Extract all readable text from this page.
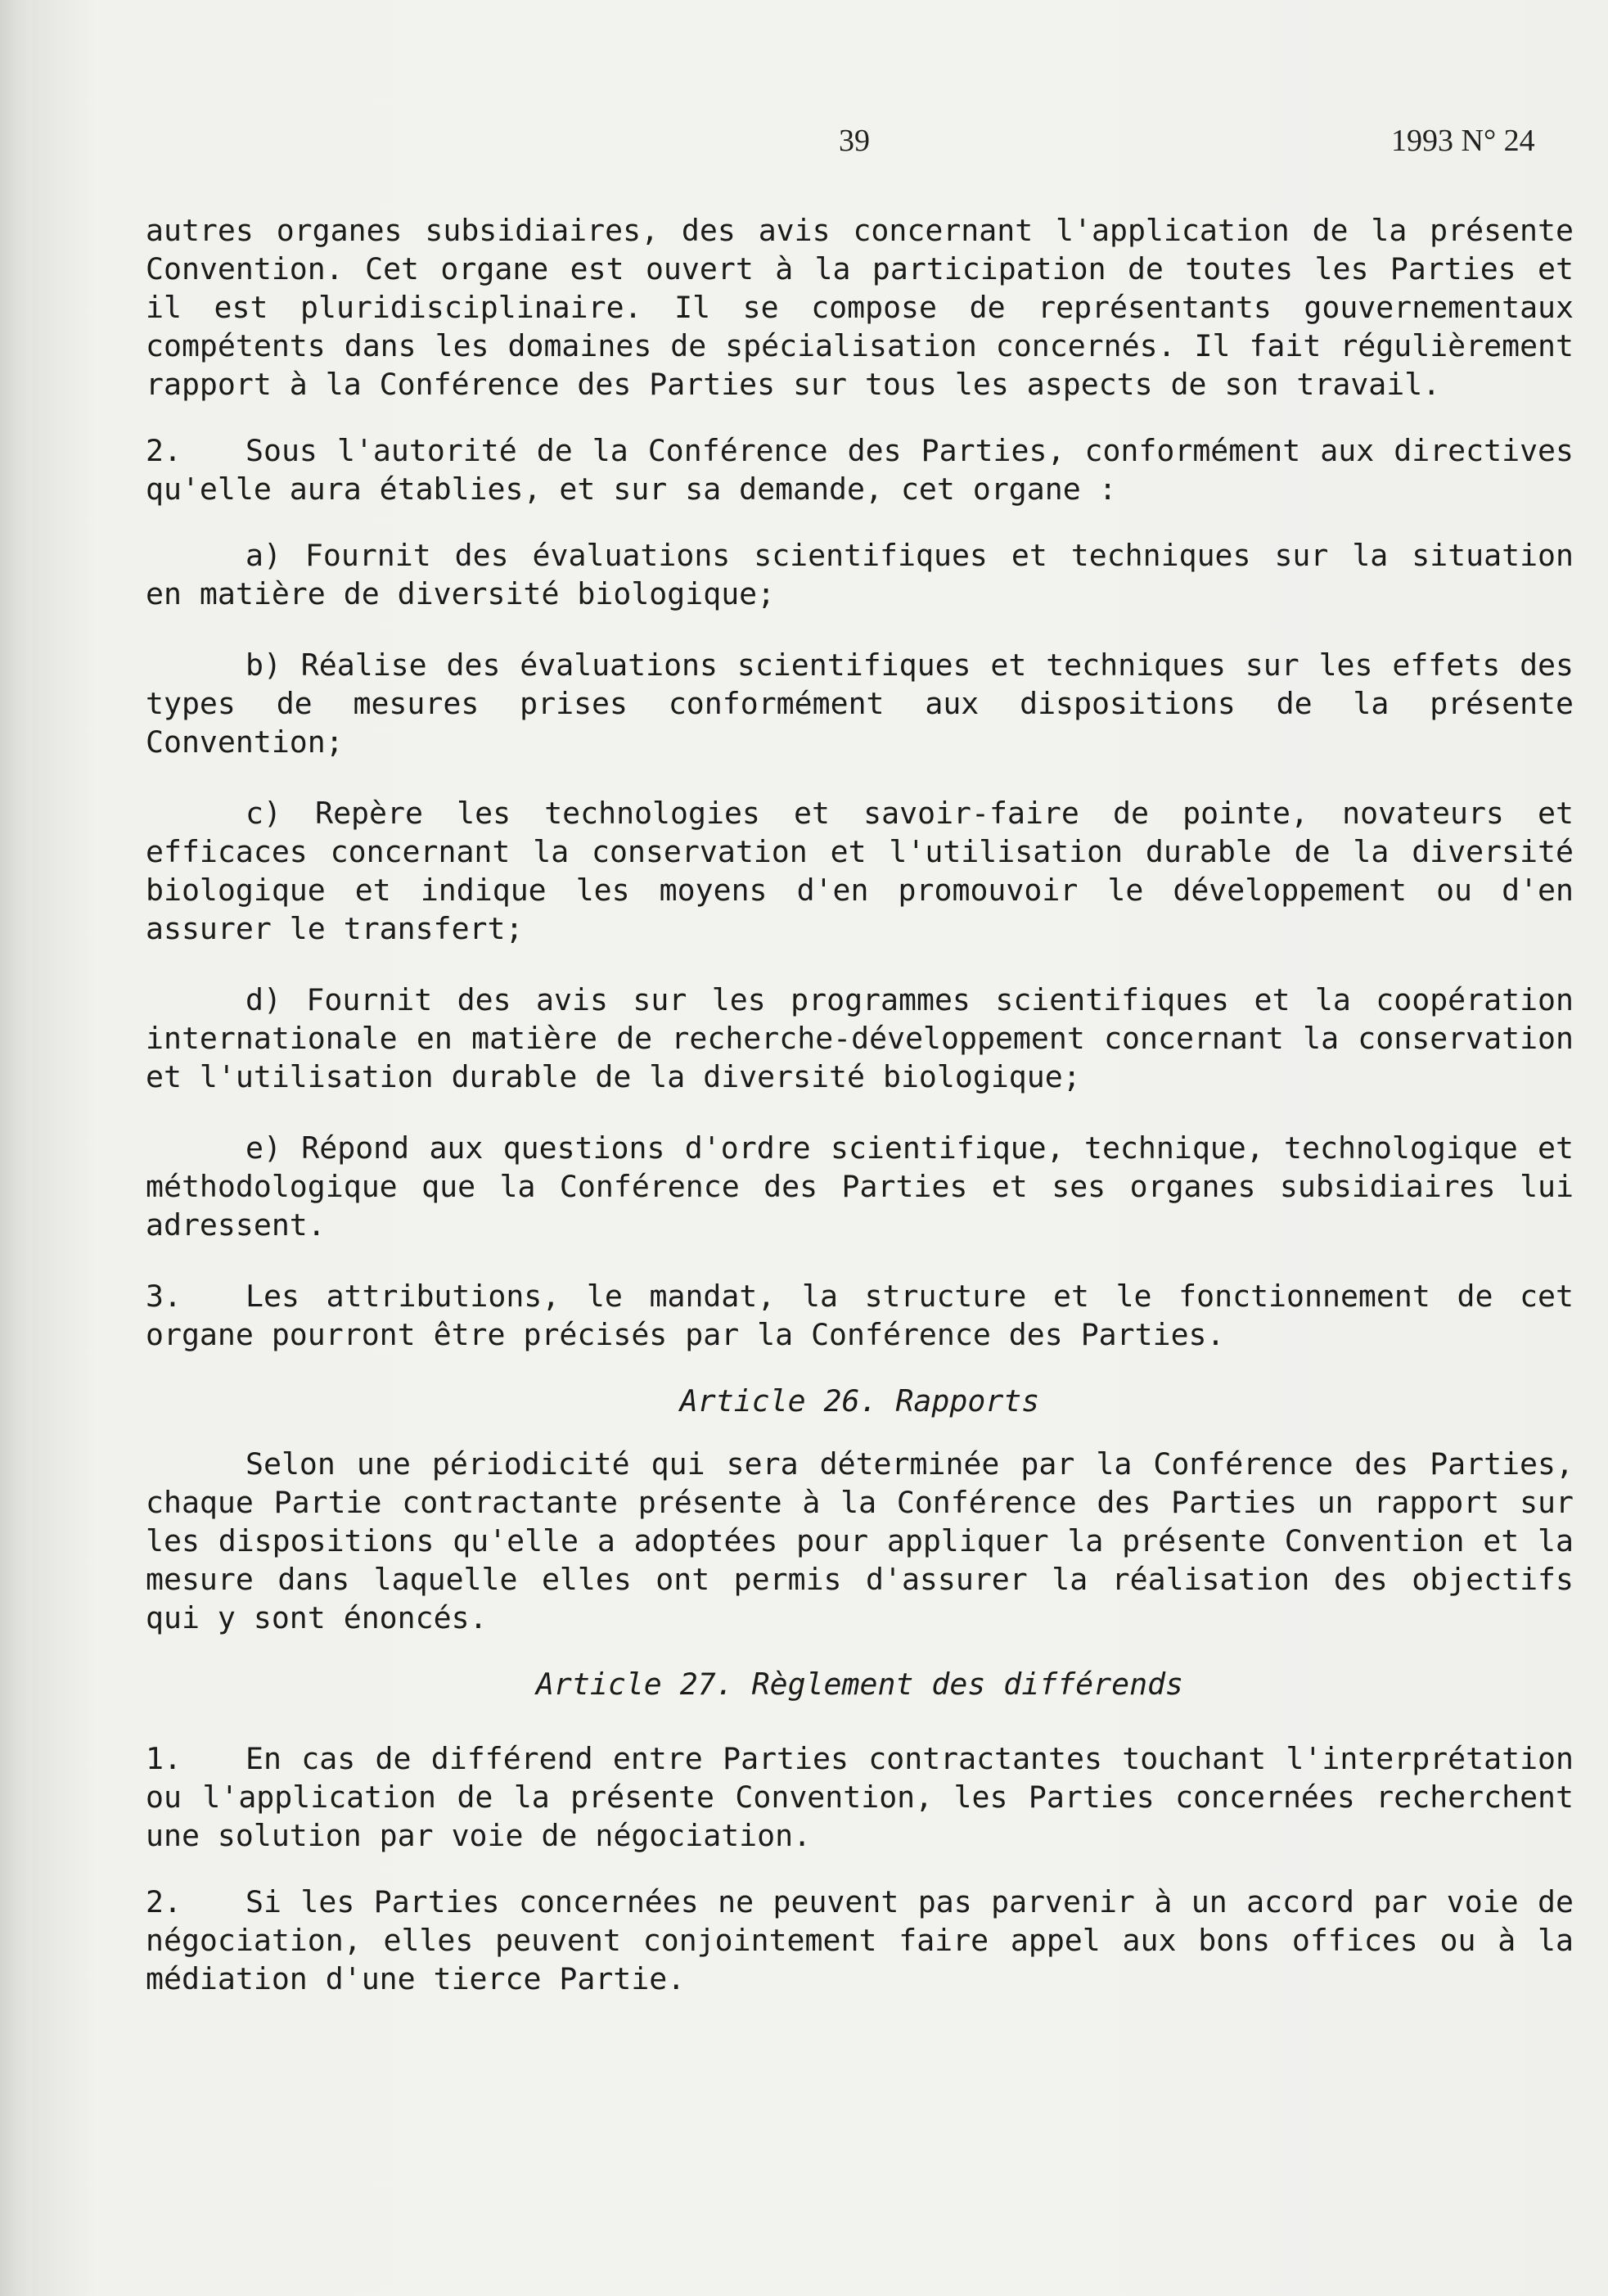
39	1993 N° 24

autres organes subsidiaires, des avis concernant l'application de la présente Convention. Cet organe est ouvert à la participation de toutes les Parties et il est pluridisciplinaire. Il se compose de représentants gouvernementaux compétents dans les domaines de spécialisation concernés. Il fait régulièrement rapport à la Conférence des Parties sur tous les aspects de son travail.

2. Sous l'autorité de la Conférence des Parties, conformément aux directives qu'elle aura établies, et sur sa demande, cet organe :

a) Fournit des évaluations scientifiques et techniques sur la situation en matière de diversité biologique;

b) Réalise des évaluations scientifiques et techniques sur les effets des types de mesures prises conformément aux dispositions de la présente Convention;

c) Repère les technologies et savoir-faire de pointe, novateurs et efficaces concernant la conservation et l'utilisation durable de la diversité biologique et indique les moyens d'en promouvoir le développement ou d'en assurer le transfert;

d) Fournit des avis sur les programmes scientifiques et la coopération internationale en matière de recherche-développement concernant la conservation et l'utilisation durable de la diversité biologique;

e) Répond aux questions d'ordre scientifique, technique, technologique et méthodologique que la Conférence des Parties et ses organes subsidiaires lui adressent.

3. Les attributions, le mandat, la structure et le fonctionnement de cet organe pourront être précisés par la Conférence des Parties.

Article 26. Rapports

Selon une périodicité qui sera déterminée par la Conférence des Parties, chaque Partie contractante présente à la Conférence des Parties un rapport sur les dispositions qu'elle a adoptées pour appliquer la présente Convention et la mesure dans laquelle elles ont permis d'assurer la réalisation des objectifs qui y sont énoncés.

Article 27. Règlement des différends

1. En cas de différend entre Parties contractantes touchant l'interprétation ou l'application de la présente Convention, les Parties concernées recherchent une solution par voie de négociation.

2. Si les Parties concernées ne peuvent pas parvenir à un accord par voie de négociation, elles peuvent conjointement faire appel aux bons offices ou à la médiation d'une tierce Partie.
